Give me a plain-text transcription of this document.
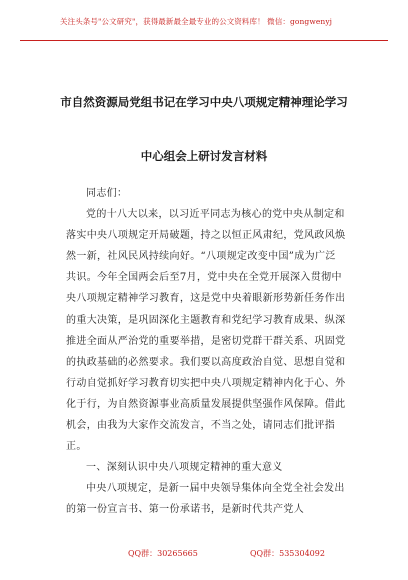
关注头条号"公文研究"，获得最新最全最专业的公文资料库！ 微信：gongwenyj
市自然资源局党组书记在学习中央八项规定精神理论学习
中心组会上研讨发言材料

同志们：

党的十八大以来，以习近平同志为核心的党中央从制定和落实中央八项规定开局破题，持之以恒正风肃纪，党风政风焕然一新，社风民风持续向好。“八项规定改变中国”成为广泛共识。今年全国两会后至7月，党中央在全党开展深入贯彻中央八项规定精神学习教育，这是党中央着眼新形势新任务作出的重大决策，是巩固深化主题教育和党纪学习教育成果、纵深推进全面从严治党的重要举措，是密切党群干群关系、巩固党的执政基础的必然要求。我们要以高度政治自觉、思想自觉和行动自觉抓好学习教育切实把中央八项规定精神内化于心、外化于行，为自然资源事业高质量发展提供坚强作风保障。借此机会，由我为大家作交流发言，不当之处，请同志们批评指正。

一、深刻认识中央八项规定精神的重大意义

中央八项规定，是新一届中央领导集体向全党全社会发出的第一份宣言书、第一份承诺书，是新时代共产党人

QQ群：30265665	QQ群：535304092
